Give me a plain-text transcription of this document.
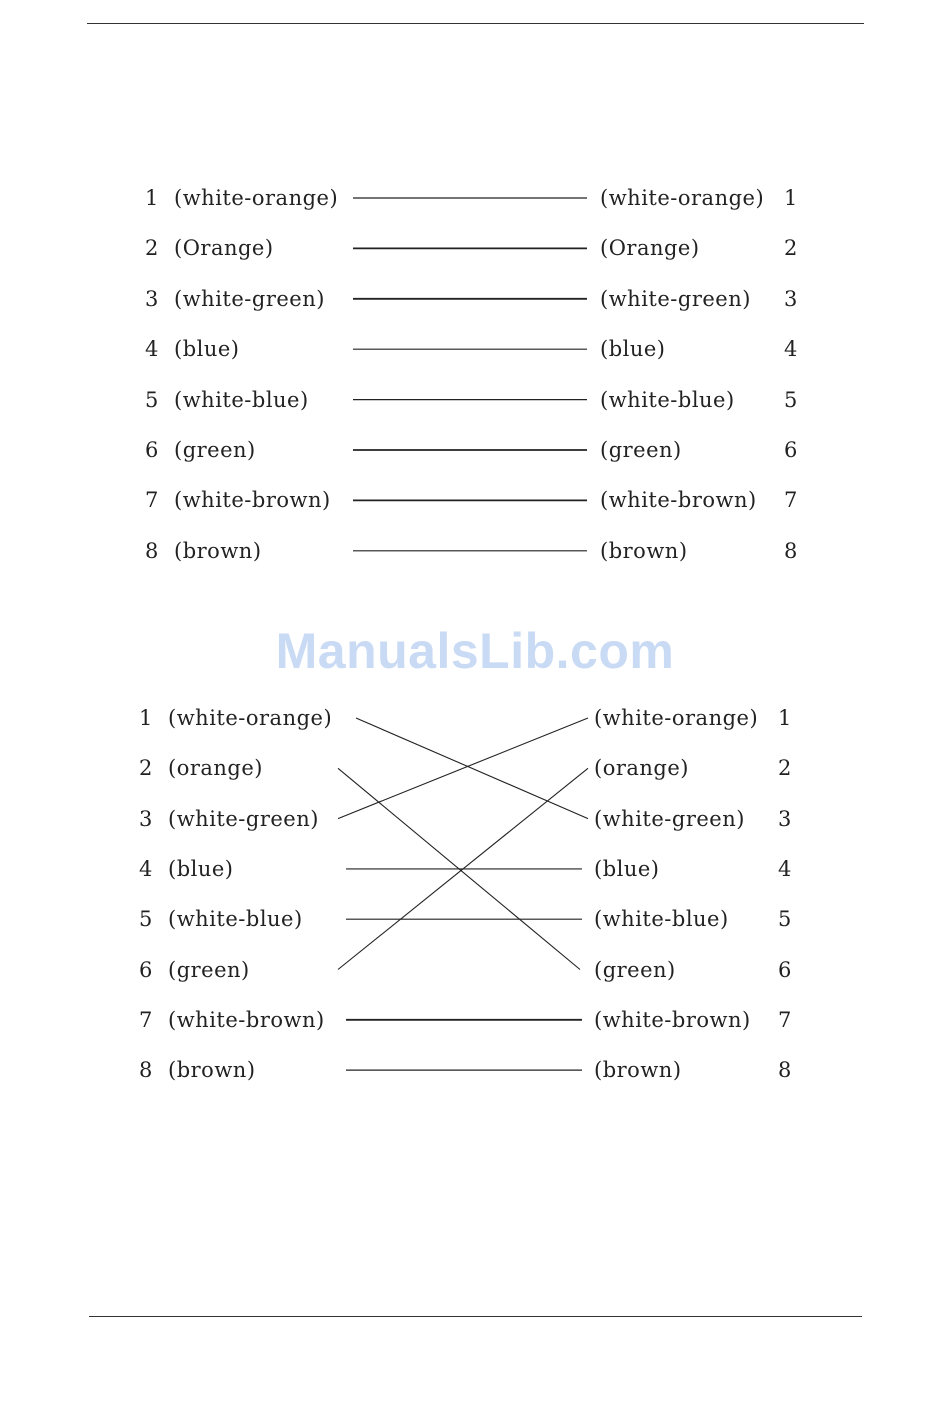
1 (white-orange)	(white-orange) 1
2 (Orange)	(Orange)	2
3 (white-green)	(white-green) 3
4 (blue)	(blue)	4
5 (white-blue)	(white-blue) 5
6 (green)	(green)	6
7 (white-brown)	(white-brown) 7
8 (brown)	(brown)	8
ManualsLib.com
1 (white-orange)	(white-orange) 1
2 (orange)	(orange)	2
3 (white-green)	(white-green) 3
4 (blue)	(blue)	4
5 (white-blue)	(white-blue) 5
6 (green)	(green)	6
7 (white-brown)	(white-brown) 7
8 (brown)	(brown)	8
